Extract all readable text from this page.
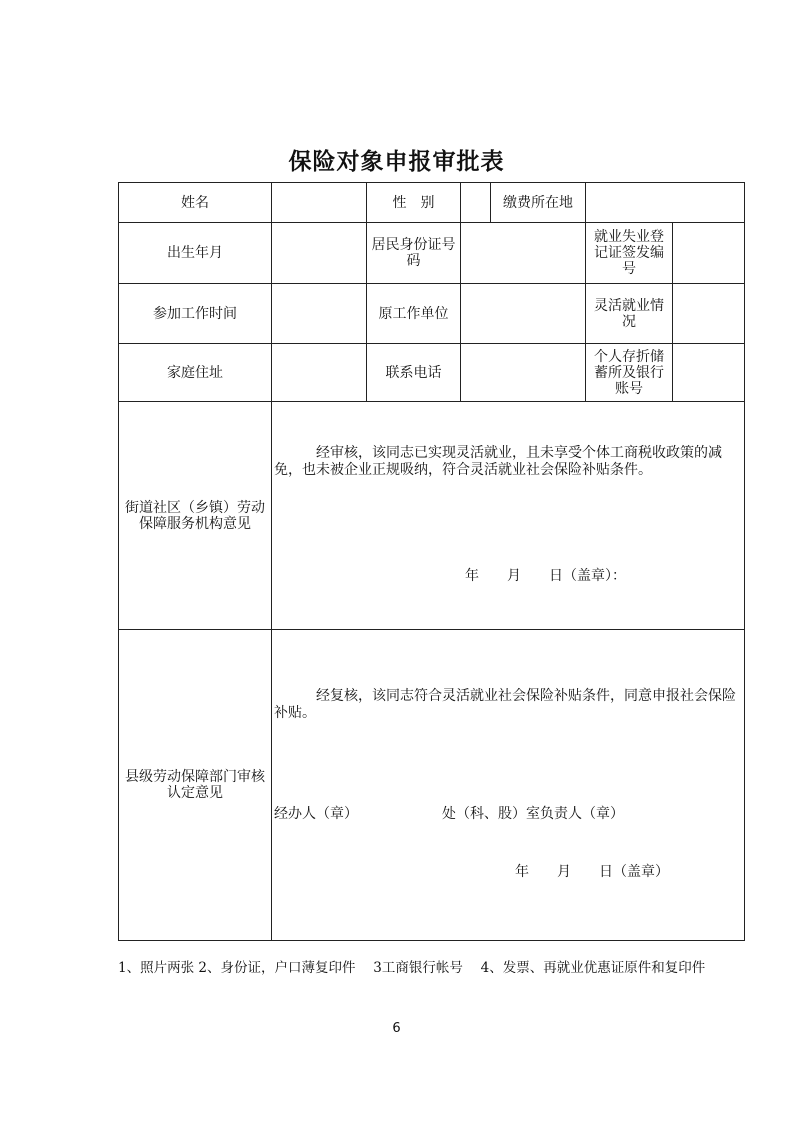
保险对象申报审批表
姓名		性　别		缴费所在地		
出生年月		居民身份证号码			就业失业登记证签发编号	
参加工作时间		原工作单位			灵活就业情况	
家庭住址		联系电话			个人存折储蓄所及银行账号	
街道社区（乡镇）劳动保障服务机构意见	经审核，该同志已实现灵活就业，且未享受个体工商税收政策的减免，也未被企业正规吸纳，符合灵活就业社会保险补贴条件。
年　　月　　日（盖章）：					

县级劳动保障部门审核认定意见	经复核，该同志符合灵活就业社会保险补贴条件，同意申报社会保险补贴。
经办人（章） 处（科、股）室负责人（章）
年　　月　　日（盖章）					
1、照片两张 2、身份证，户口薄复印件　 3工商银行帐号　 4、发票、再就业优惠证原件和复印件
6
